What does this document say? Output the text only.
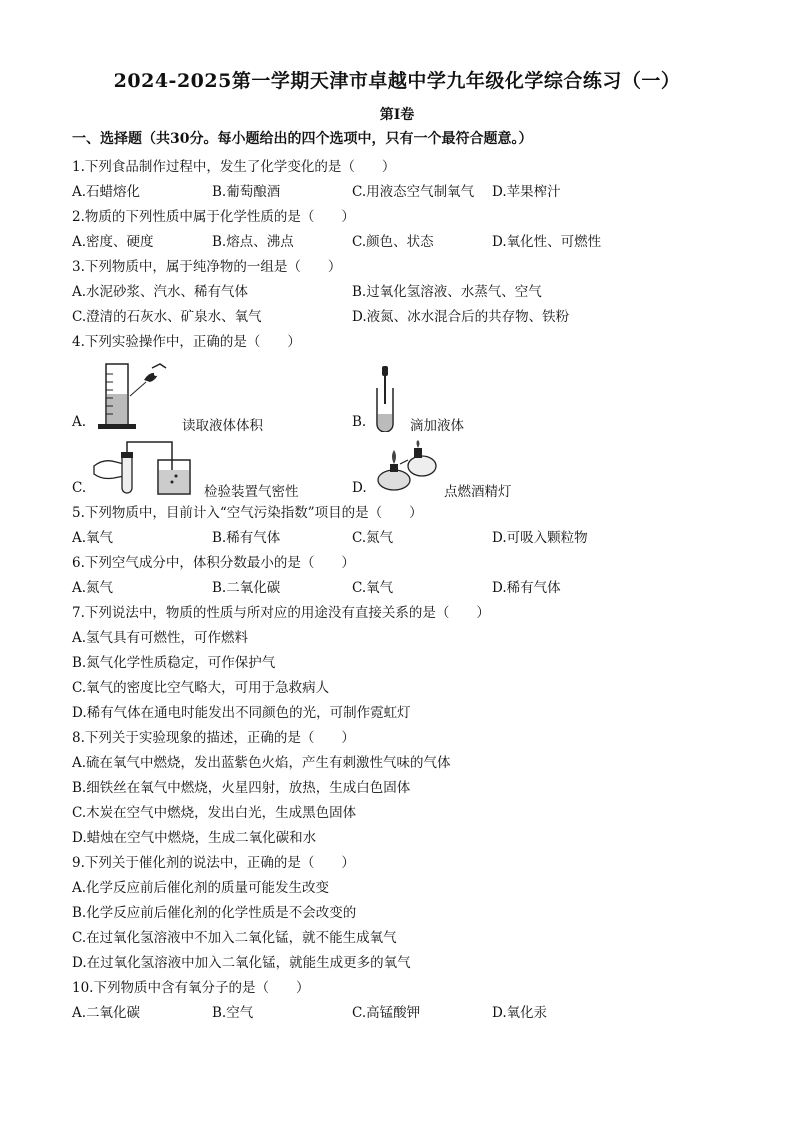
2024-2025第一学期天津市卓越中学九年级化学综合练习（一）
第Ⅰ卷
一、选择题（共30分。每小题给出的四个选项中，只有一个最符合题意。）
1.下列食品制作过程中，发生了化学变化的是（　　）
A.石蜡熔化	B.葡萄酿酒	C.用液态空气制氧气 D.苹果榨汁
2.物质的下列性质中属于化学性质的是（　　）
A.密度、硬度	B.熔点、沸点	C.颜色、状态	D.氧化性、可燃性
3.下列物质中，属于纯净物的一组是（　　）
A.水泥砂浆、汽水、稀有气体	B.过氧化氢溶液、水蒸气、空气
C.澄清的石灰水、矿泉水、氧气	D.液氮、冰水混合后的共存物、铁粉
4.下列实验操作中，正确的是（　　）
A.	读取液体体积	B.	滴加液体
C.	检验装置气密性	D.	点燃酒精灯
5.下列物质中，目前计入“空气污染指数”项目的是（　　）
A.氧气	B.稀有气体	C.氮气	D.可吸入颗粒物
6.下列空气成分中，体积分数最小的是（　　）
A.氮气	B.二氧化碳	C.氧气	D.稀有气体
7.下列说法中，物质的性质与所对应的用途没有直接关系的是（　　）
A.氢气具有可燃性，可作燃料
B.氮气化学性质稳定，可作保护气
C.氧气的密度比空气略大，可用于急救病人
D.稀有气体在通电时能发出不同颜色的光，可制作霓虹灯
8.下列关于实验现象的描述，正确的是（　　）
A.硫在氧气中燃烧，发出蓝紫色火焰，产生有刺激性气味的气体
B.细铁丝在氧气中燃烧，火星四射，放热，生成白色固体
C.木炭在空气中燃烧，发出白光，生成黑色固体
D.蜡烛在空气中燃烧，生成二氧化碳和水
9.下列关于催化剂的说法中，正确的是（　　）
A.化学反应前后催化剂的质量可能发生改变
B.化学反应前后催化剂的化学性质是不会改变的
C.在过氧化氢溶液中不加入二氧化锰，就不能生成氧气
D.在过氧化氢溶液中加入二氧化锰，就能生成更多的氧气
10.下列物质中含有氧分子的是（　　）
A.二氧化碳	B.空气	C.高锰酸钾	D.氧化汞
